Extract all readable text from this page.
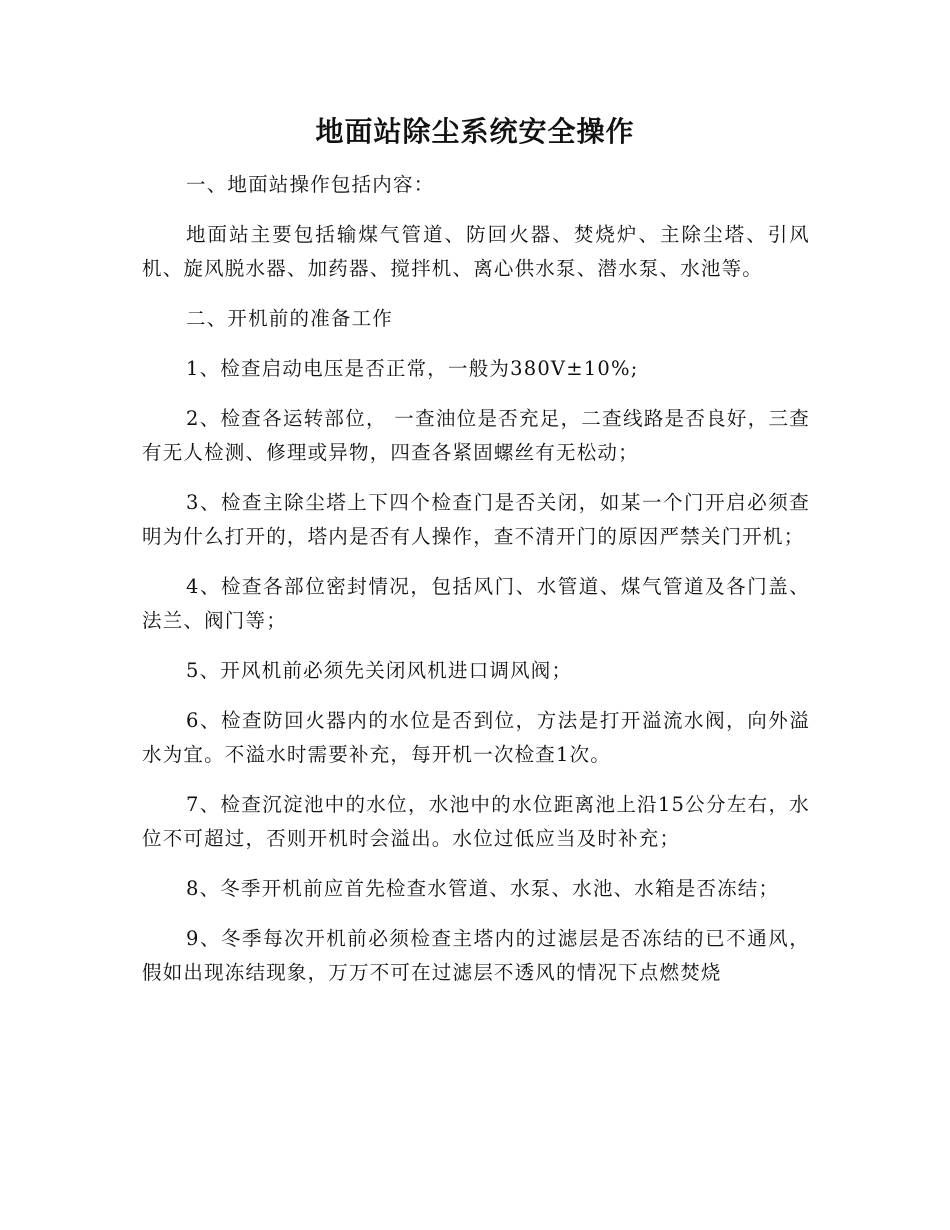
地面站除尘系统安全操作

一、地面站操作包括内容：

地面站主要包括输煤气管道、防回火器、焚烧炉、主除尘塔、引风机、旋风脱水器、加药器、搅拌机、离心供水泵、潜水泵、水池等。

二、开机前的准备工作

1、检查启动电压是否正常，一般为380V±10%;

2、检查各运转部位， 一查油位是否充足，二查线路是否良好，三查有无人检测、修理或异物，四查各紧固螺丝有无松动；

3、检查主除尘塔上下四个检查门是否关闭，如某一个门开启必须查明为什么打开的，塔内是否有人操作，查不清开门的原因严禁关门开机；

4、检查各部位密封情况，包括风门、水管道、煤气管道及各门盖、法兰、阀门等；

5、开风机前必须先关闭风机进口调风阀；

6、检查防回火器内的水位是否到位，方法是打开溢流水阀，向外溢水为宜。不溢水时需要补充，每开机一次检查1次。

7、检查沉淀池中的水位，水池中的水位距离池上沿15公分左右，水位不可超过，否则开机时会溢出。水位过低应当及时补充；

8、冬季开机前应首先检查水管道、水泵、水池、水箱是否冻结；

9、冬季每次开机前必须检查主塔内的过滤层是否冻结的已不通风，假如出现冻结现象，万万不可在过滤层不透风的情况下点燃焚烧
